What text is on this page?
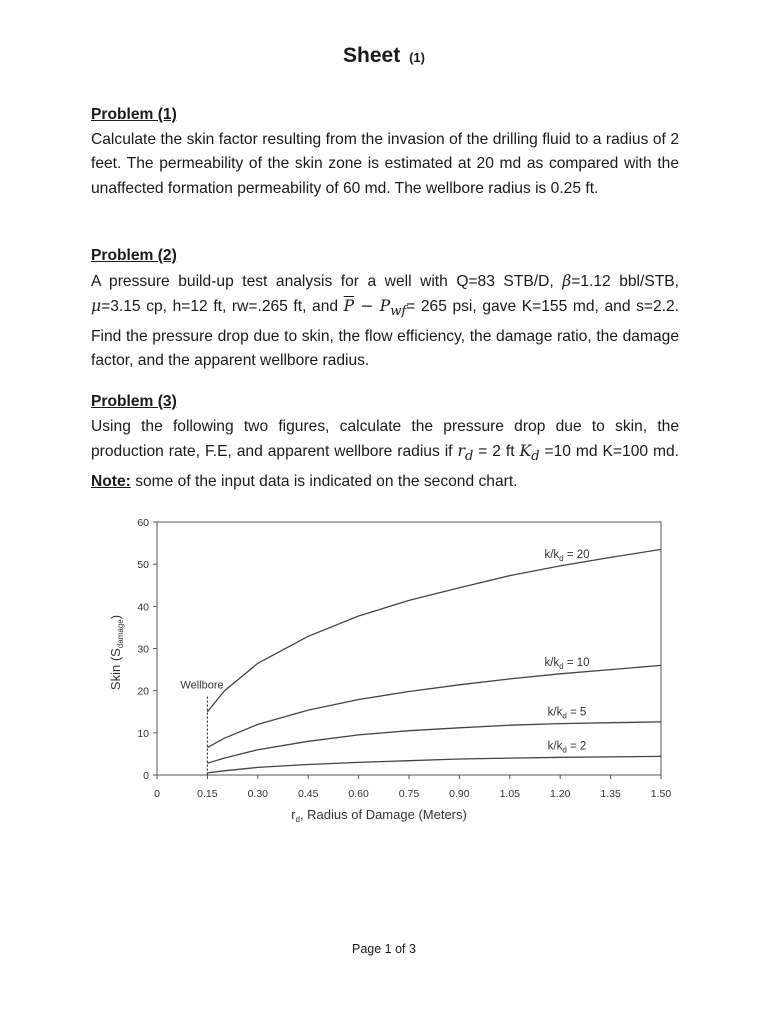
Sheet (1)
Problem (1)

Calculate the skin factor resulting from the invasion of the drilling fluid to a radius of 2 feet. The permeability of the skin zone is estimated at 20 md as compared with the unaffected formation permeability of 60 md. The wellbore radius is 0.25 ft.

Problem (2)

A pressure build-up test analysis for a well with Q=83 STB/D, β=1.12 bbl/STB, μ=3.15 cp, h=12 ft, rw=.265 ft, and $\overline{P} - P_{wf}= 265$ psi, gave K=155 md, and s=2.2. Find the pressure drop due to skin, the flow efficiency, the damage ratio, the damage factor, and the apparent wellbore radius.

Problem (3)

Using the following two figures, calculate the pressure drop due to skin, the production rate, F.E, and apparent wellbore radius if $r_d = 2$ ft $K_d =10$ md K=100 md. Note: some of the input data is indicated on the second chart.

0
10
20
30
40
50
60
0	0.15	0.30	0.45	0.60	0.75	0.90	1.05	1.20	1.35	1.50
$r_d$, Radius of Damage (Meters)
Skin $(S_{damage})$
Wellbore
$k/k_d = 20$
$k/k_d = 10$
$k/k_d = 5$
$k/k_d = 2$
Page 1 of 3
